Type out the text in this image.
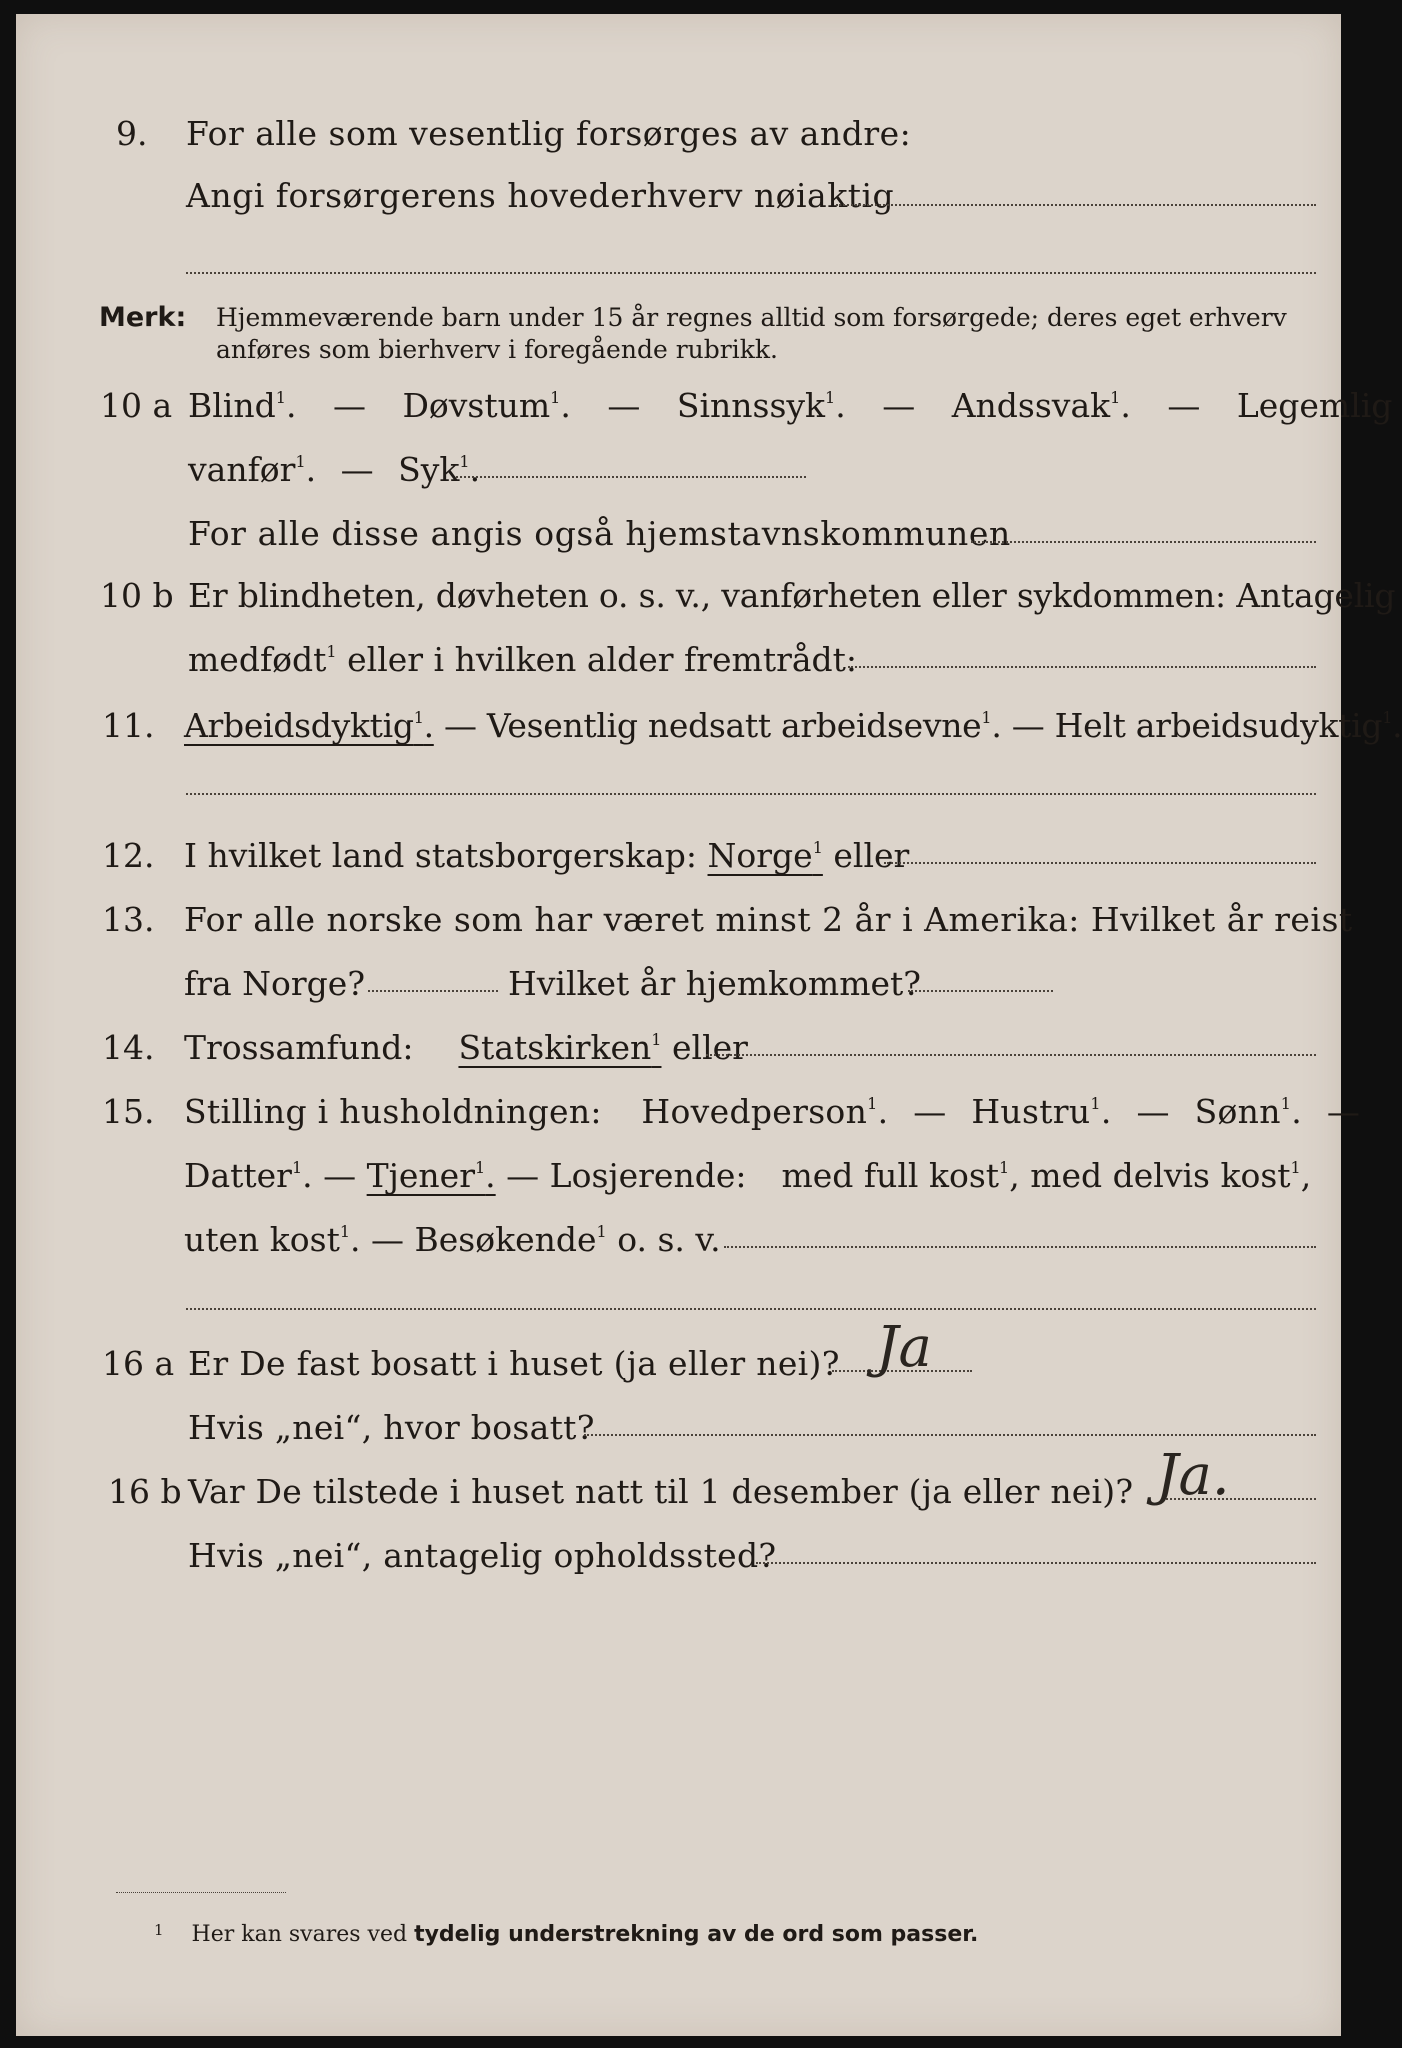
9. For alle som vesentlig forsørges av andre:
Angi forsørgerens hovederhverv nøiaktig
Merk: Hjemmeværende barn under 15 år regnes alltid som forsørgede; deres eget erhverv
anføres som bierhverv i foregående rubrikk.
10 a Blind$^1$. — Døvstum$^1$. — Sinnssyk$^1$. — Andssvak$^1$. — Legemlig
vanfør$^1$. — Syk$^1$.
For alle disse angis også hjemstavnskommunen
10 b Er blindheten, døvheten o. s. v., vanførheten eller sykdommen: Antagelig
medfødt$^1$ eller i hvilken alder fremtrådt:
11. Arbeidsdyktig$^1$. — Vesentlig nedsatt arbeidsevne$^1$. — Helt arbeidsudyktig$^1$.
12. I hvilket land statsborgerskap: Norge$^1$ eller
13. For alle norske som har været minst 2 år i Amerika: Hvilket år reist
fra Norge?	Hvilket år hjemkommet?
14. Trossamfund: Statskirken$^1$ eller
15. Stilling i husholdningen: Hovedperson$^1$. — Hustru$^1$. — Sønn$^1$. —
Datter$^1$. — Tjener$^1$. — Losjerende: med full kost$^1$, med delvis kost$^1$,
uten kost$^1$. — Besøkende$^1$ o. s. v.
16 a Er De fast bosatt i huset (ja eller nei)? Ja
Hvis „nei“, hvor bosatt?
16 b Var De tilstede i huset natt til 1 desember (ja eller nei)? Ja.
Hvis „nei“, antagelig opholdssted?
$^1$ Her kan svares ved tydelig understrekning av de ord som passer.
